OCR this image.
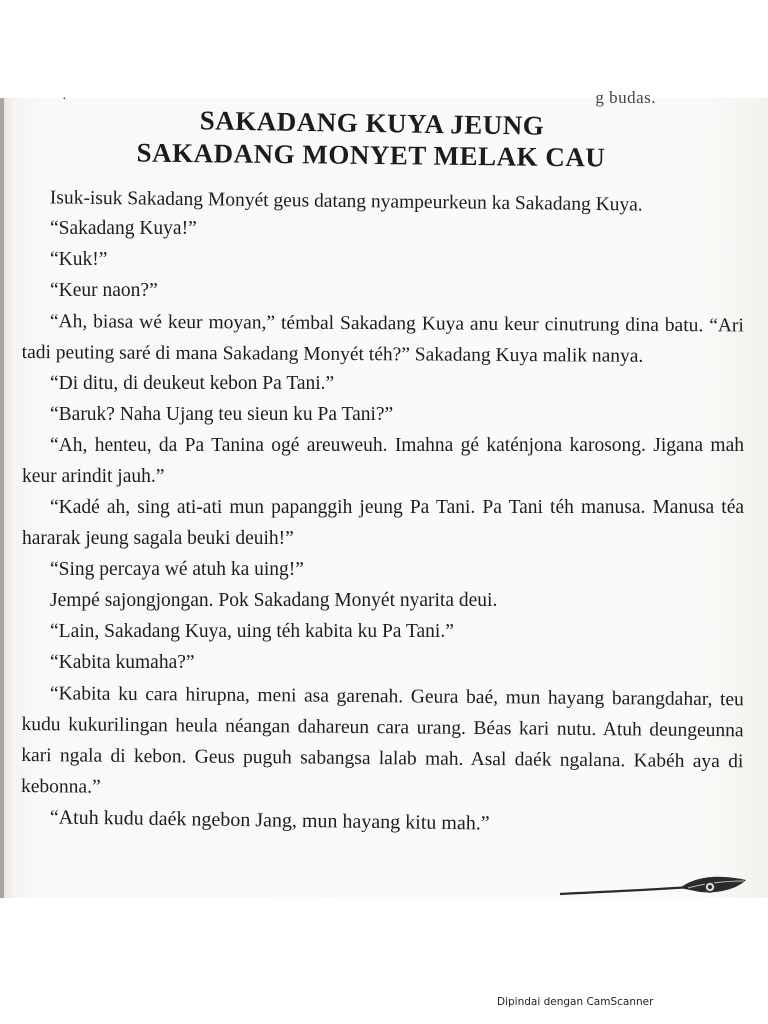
·	g budas.
SAKADANG KUYA JEUNG
SAKADANG MONYET MELAK CAU

Isuk-isuk Sakadang Monyét geus datang nyampeurkeun ka Sakadang Kuya.

“Sakadang Kuya!”

“Kuk!”

“Keur naon?”

“Ah, biasa wé keur moyan,” témbal Sakadang Kuya anu keur cinutrung dina batu. “Ari tadi peuting saré di mana Sakadang Monyét téh?” Sakadang Kuya malik nanya.

“Di ditu, di deukeut kebon Pa Tani.”

“Baruk? Naha Ujang teu sieun ku Pa Tani?”

“Ah, henteu, da Pa Tanina ogé areuweuh. Imahna gé katénjona karosong. Jigana mah keur arindit jauh.”

“Kadé ah, sing ati-ati mun papanggih jeung Pa Tani. Pa Tani téh manusa. Manusa téa hararak jeung sagala beuki deuih!”

“Sing percaya wé atuh ka uing!”

Jempé sajongjongan. Pok Sakadang Monyét nyarita deui.

“Lain, Sakadang Kuya, uing téh kabita ku Pa Tani.”

“Kabita kumaha?”

“Kabita ku cara hirupna, meni asa garenah. Geura baé, mun hayang barangdahar, teu kudu kukurilingan heula néangan dahareun cara urang. Béas kari nutu. Atuh deungeunna kari ngala di kebon. Geus puguh sabangsa lalab mah. Asal daék ngalana. Kabéh aya di kebonna.”

“Atuh kudu daék ngebon Jang, mun hayang kitu mah.”

Dipindai dengan CamScanner
